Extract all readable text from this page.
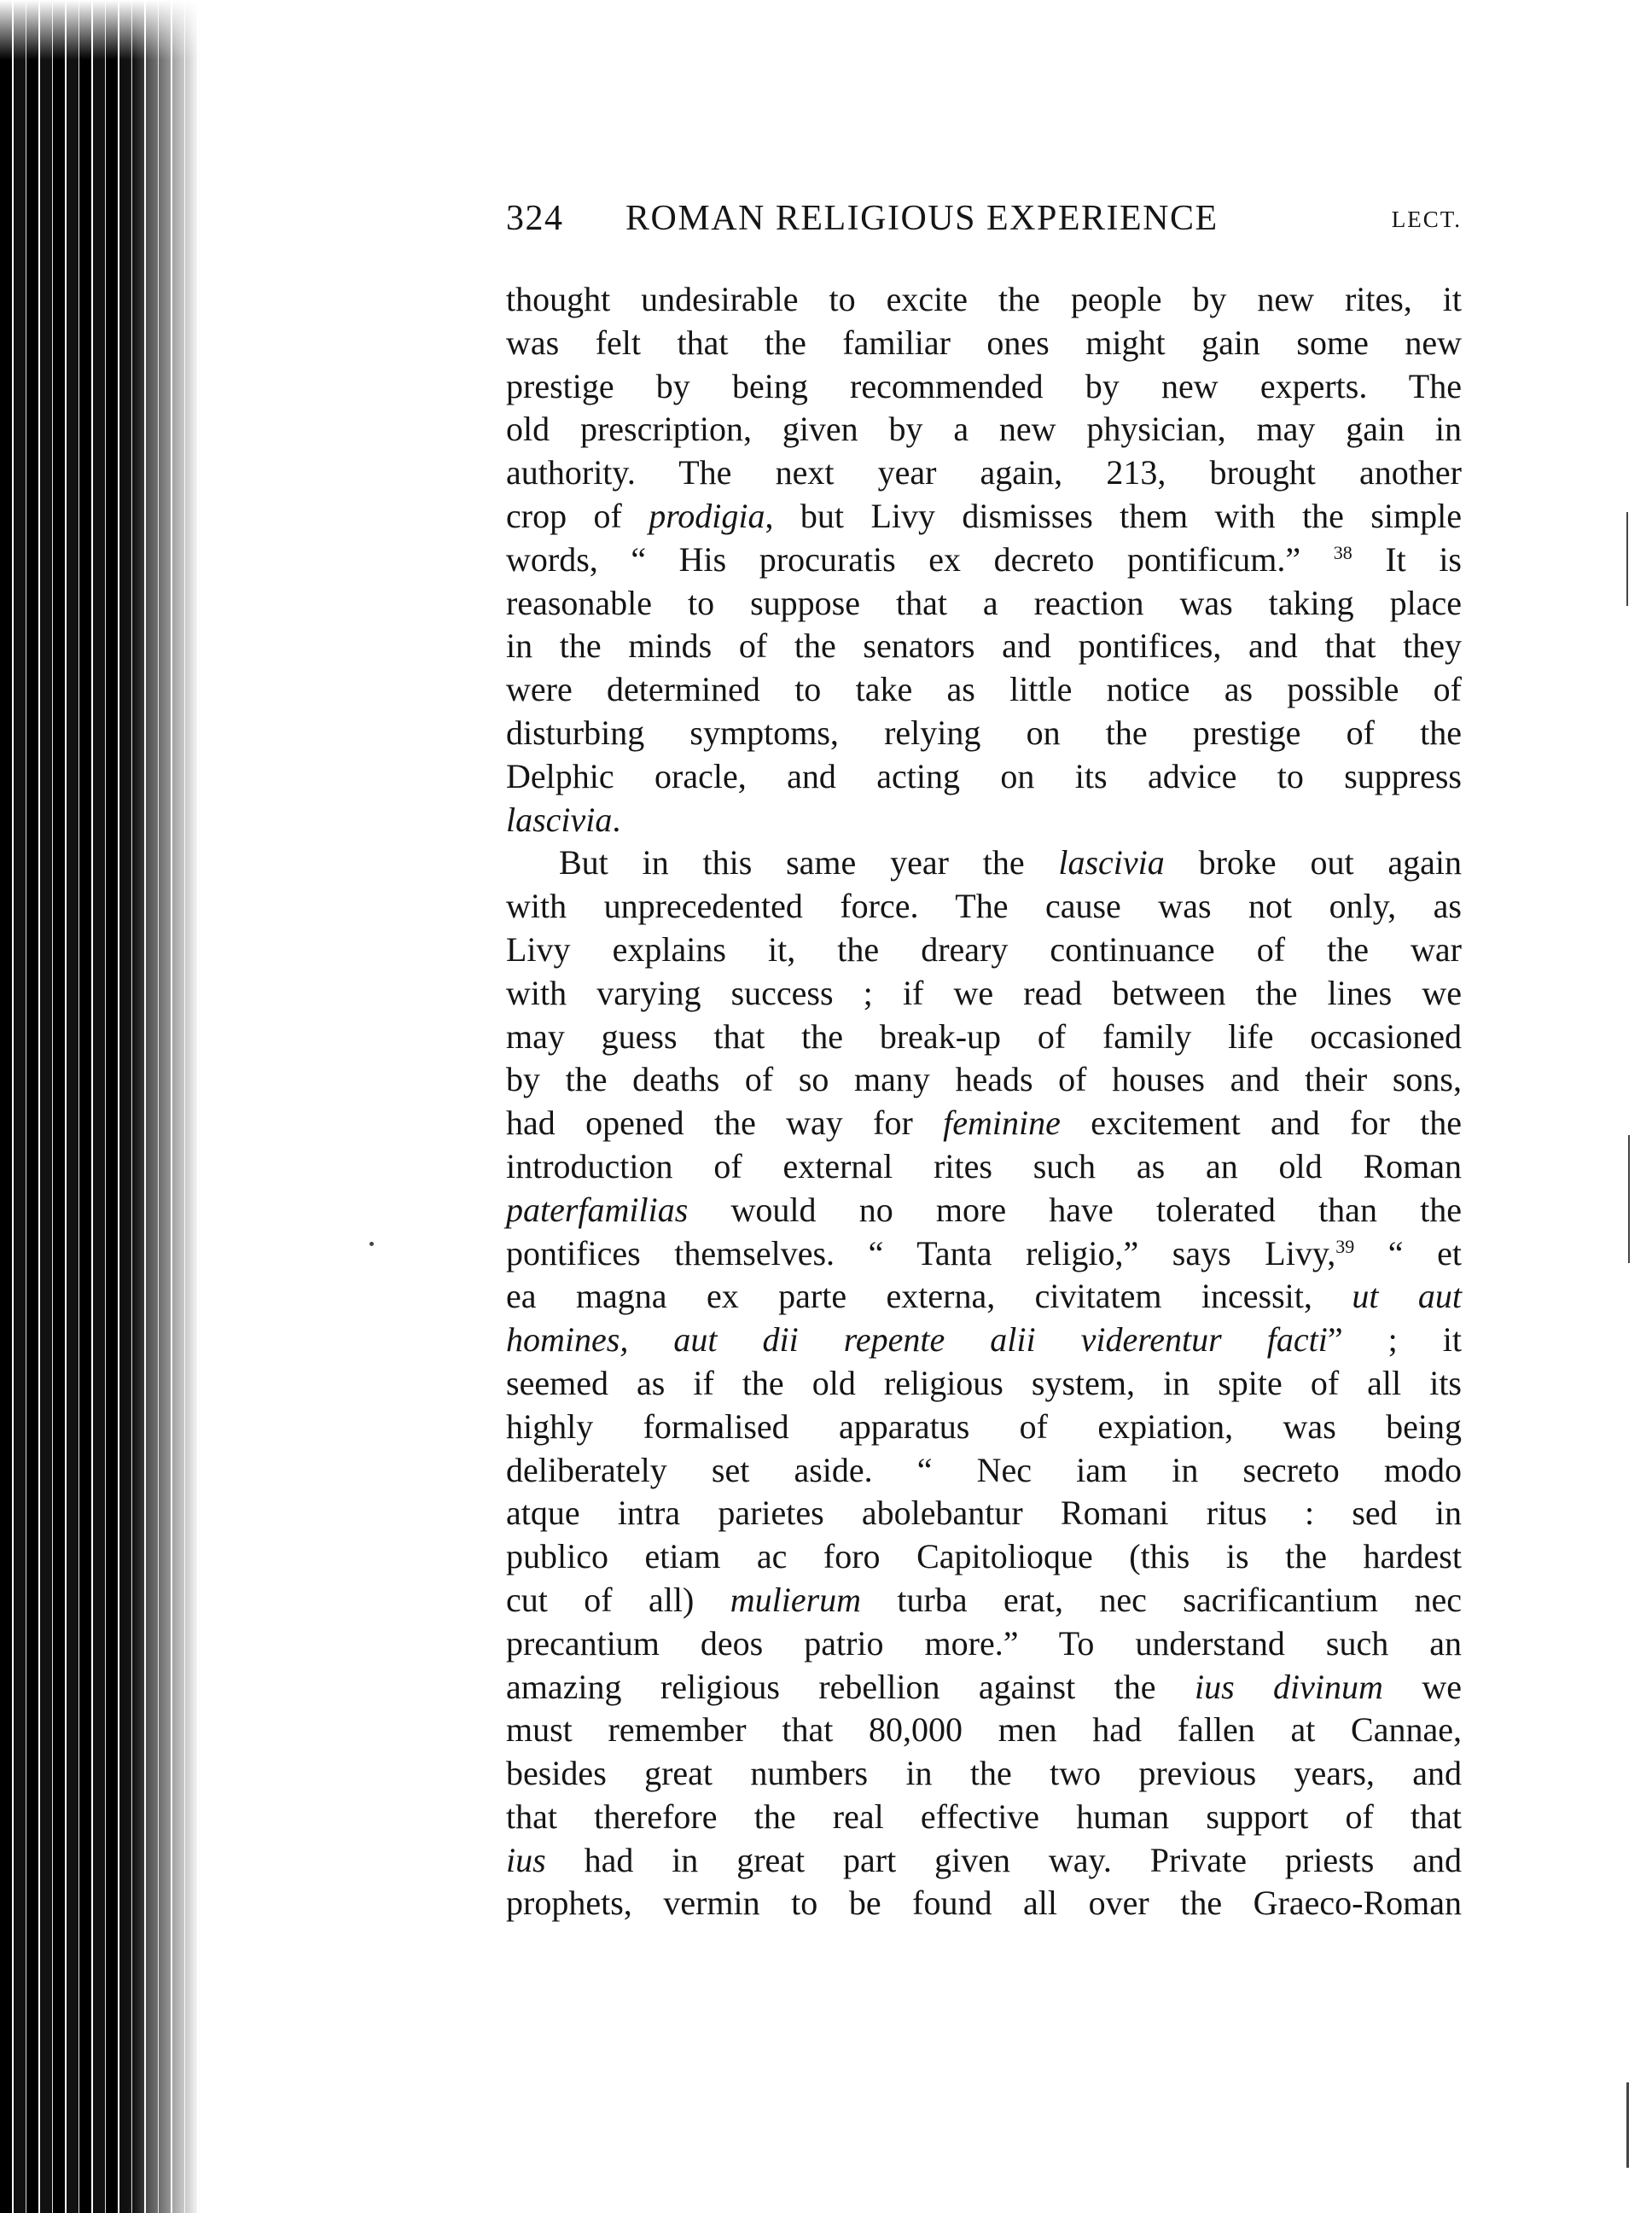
324 ROMAN RELIGIOUS EXPERIENCE	LECT.
thought undesirable to excite the people by new rites, it
was felt that the familiar ones might gain some new
prestige by being recommended by new experts. The
old prescription, given by a new physician, may gain in
authority. The next year again, 213, brought another
crop of prodigia, but Livy dismisses them with the simple
words, “ His procuratis ex decreto pontificum.” $^{38}$ It is
reasonable to suppose that a reaction was taking place
in the minds of the senators and pontifices, and that they
were determined to take as little notice as possible of
disturbing symptoms, relying on the prestige of the
Delphic oracle, and acting on its advice to suppress
lascivia.
But in this same year the lascivia broke out again
with unprecedented force. The cause was not only, as
Livy explains it, the dreary continuance of the war
with varying success ; if we read between the lines we
may guess that the break-up of family life occasioned
by the deaths of so many heads of houses and their sons,
had opened the way for feminine excitement and for the
introduction of external rites such as an old Roman
paterfamilias would no more have tolerated than the
pontifices themselves. “ Tanta religio,” says Livy,$^{39}$ “ et
ea magna ex parte externa, civitatem incessit, ut aut
homines, aut dii repente alii viderentur facti” ; it
seemed as if the old religious system, in spite of all its
highly formalised apparatus of expiation, was being
deliberately set aside. “ Nec iam in secreto modo
atque intra parietes abolebantur Romani ritus : sed in
publico etiam ac foro Capitolioque (this is the hardest
cut of all) mulierum turba erat, nec sacrificantium nec
precantium deos patrio more.” To understand such an
amazing religious rebellion against the ius divinum we
must remember that 80,000 men had fallen at Cannae,
besides great numbers in the two previous years, and
that therefore the real effective human support of that
ius had in great part given way. Private priests and
prophets, vermin to be found all over the Graeco-Roman
